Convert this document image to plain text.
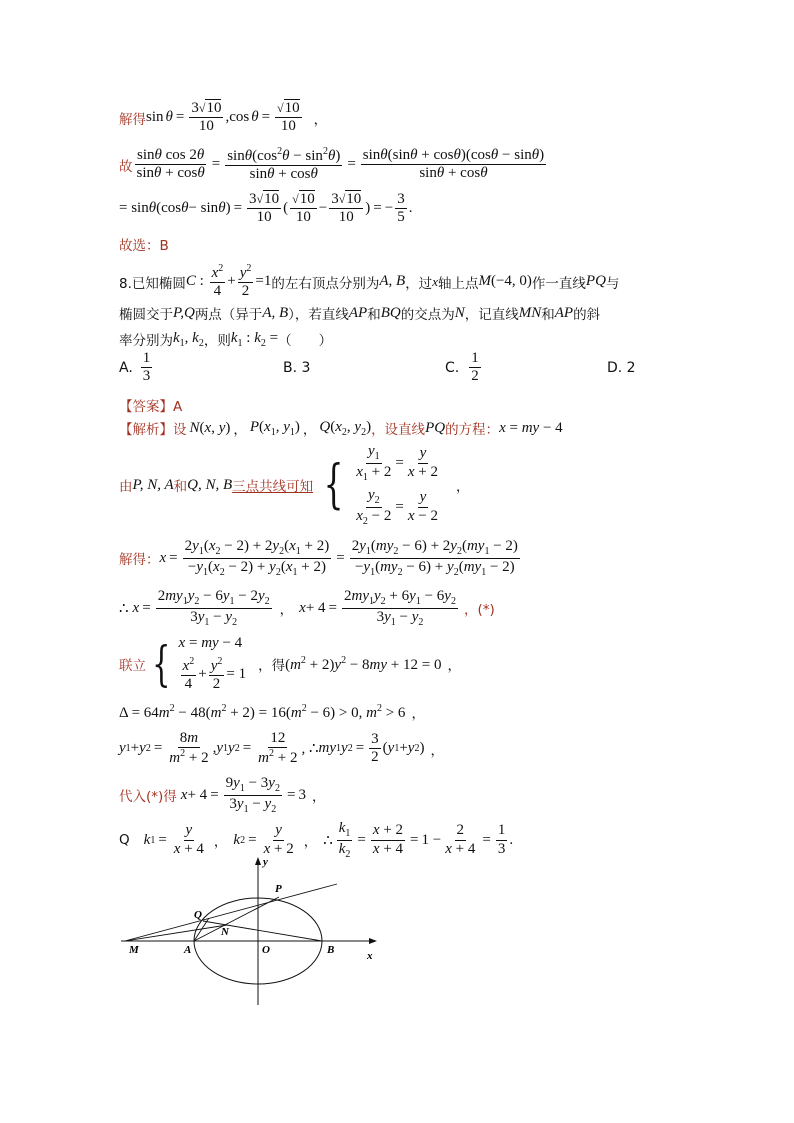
解得 $\sin \theta = \frac{3√10}{10} ,\cos$ $\theta = \frac{√10}{10}$ ，
故 $\frac{\text{sinθ cos 2θ}}{\sin\theta + \cos\theta} = \frac{\sin\theta(\cos^2\theta - \sin^2\theta)}{\sin\theta + \cos\theta} = \frac{\sin\theta(\sin\theta + \cos\theta)(\cos\theta - \sin\theta)}{\sin\theta + \cos\theta}$
= sin θ (cos θ − sin θ ) = $\frac{3√10}{10}$ ( $\frac{√10}{10} - \frac{3√10}{10}$ ) = − $\frac{3}{5}$ .
故选：B
8.已知椭圆 C : $\frac{x^2}{4} + \frac{y^2}{2} =1$ 的左右顶点分别为 A, B ，过 x 轴上点 M(−4, 0) 作一直线 PQ 与
椭圆交于 P,Q 两点（异于 A, B ），若直线 AP 和 BQ 的交点为 N ，记直线 MN 和 AP 的斜
率分别为 $k_1$, $k_2$ ，则 $k_1$ : $k_2$ = （　　）
A. $\frac{1}{3}$	B. 3	C. $\frac{1}{2}$	D. 2
【答案】A
【解析】 设 N(x, y) ， $P(x_1$, $y_1$) ， $Q(x_2$, $y_2$) ，设直线 PQ 的方程： x = my − 4
由 P, N, A 和 Q, N, B 三点共线可知 { $\frac{y_1}{x_1 + 2} = \frac{y}{x + 2}$
$\frac{y_2}{x_2 - 2} = \frac{y}{x - 2}$
，
解得： $x = \frac{2y_1(x_2 - 2) + 2y_2(x_1 + 2)}{-y_1(x_2 - 2) + y_2(x_1 + 2)} = \frac{2y_1(my_2 - 6) + 2y_2(my_1 - 2)}{-y_1(my_2 - 6) + y_2(my_1 - 2)}$
∴ $x = \frac{2my_1y_2 - 6y_1 - 2y_2}{3y_1 - y_2}$ ， $x + 4 = \frac{2my_1y_2 + 6y_1 - 6y_2}{3y_1 - y_2}$ ，(*)
联立 { x = my − 4
$\frac{x^2}{4} + \frac{y^2}{2} = 1$ ，得 $(m^2 + 2)y^2 - 8my + 12 = 0$ ，
$\Delta = 64m^2 - 48(m^2 + 2) = 16(m^2 - 6) > 0$, $m^2 > 6$ ，
y 1 + y $2 = \frac{8m}{m^2 + 2}$ , y 1 y $2 = \frac{12}{m^2 + 2}$ , ∴ my 1 y $2 = \frac{3}{2}$ ( y 1 + y 2 ) ，
代入(*)得 $x + 4 = \frac{9y_1 - 3y_2}{3y_1 - y_2} = 3$ ，
Q k $1 = \frac{y}{x + 4}$ ， k $2 = \frac{y}{x + 2}$ ， ∴ $\frac{k_1}{k_2} = \frac{x + 2}{x + 4} = 1 - \frac{2}{x + 4} = \frac{1}{3}$ .
y
x
P
Q
N
M	A	O	B
